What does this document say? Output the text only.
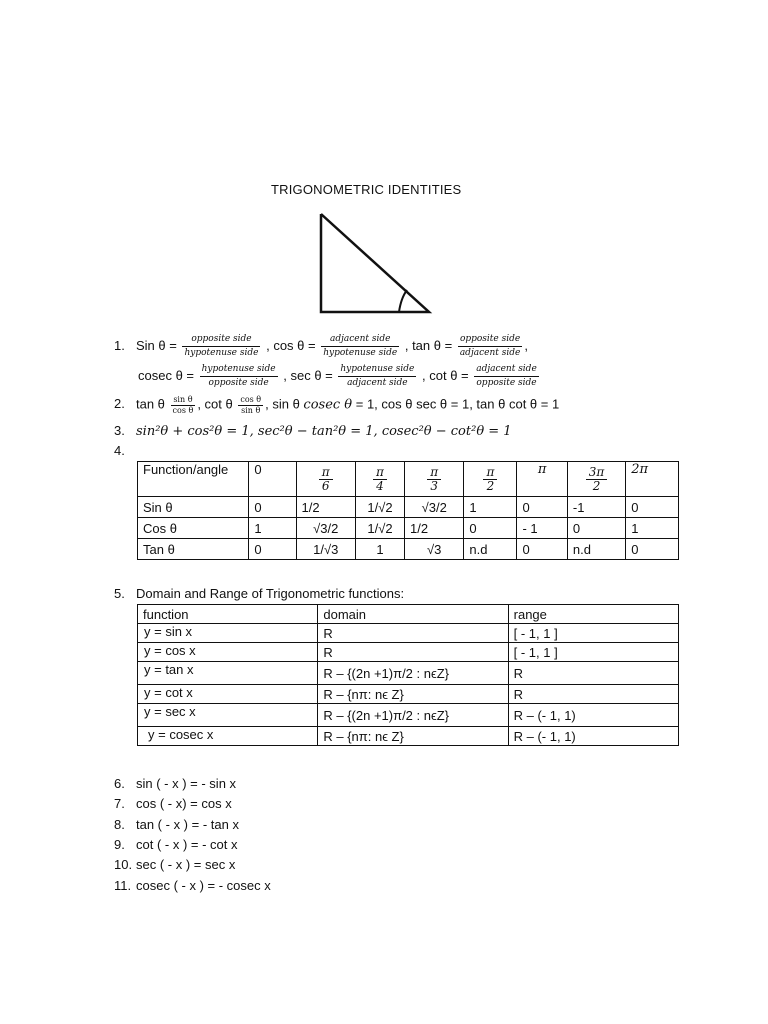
TRIGONOMETRIC IDENTITIES
1. Sin $\theta = \frac{\text{opposite side}}{\text{hypotenuse side}}$ , $\cos \theta = \frac{\text{adjacent side}}{\text{hypotenuse side}}$ , $\tan \theta = \frac{\text{opposite side}}{\text{adjacent side}}$ ,
cosec $\theta = \frac{\text{hypotenuse side}}{\text{opposite side}}$ , $\sec \theta = \frac{\text{hypotenuse side}}{\text{adjacent side}}$ , $\cot \theta = \frac{\text{adjacent side}}{\text{opposite side}}$
2. tan θ $\frac{\text{sin θ}}{\text{cos θ}}$ , cot θ $\frac{\text{cos θ}}{\text{sin θ}}$ , sin θ cosec θ = 1, cos θ sec θ = 1, tan θ cot θ = 1
3. sin²θ + cos²θ = 1, sec²θ − tan²θ = 1, cosec²θ − cot²θ = 1
4.
Function/angle	0	$\frac{\pi}{6}$	$\frac{\pi}{4}$	$\frac{\pi}{3}$	$\frac{\pi}{2}$	π	$\frac{3\pi}{2}$	2π
Sin θ	0	1/2	1/√2	√3/2	1	0	-1	0
Cos θ	1	√3/2	1/√2	1/2	0	- 1	0	1
Tan θ	0	1/√3	1	√3	n.d	0	n.d	0
5. Domain and Range of Trigonometric functions:
function	domain	range
y = sin x	R	[ - 1, 1 ]
y = cos x	R	[ - 1, 1 ]
y = tan x	R – {(2n +1)π/2 : nϵZ}	R
y = cot x	R – {nπ: nϵ Z}	R
y = sec x	R – {(2n +1)π/2 : nϵZ}	R – (- 1, 1)
y = cosec x	R – {nπ: nϵ Z}	R – (- 1, 1)
6. sin ( - x ) = - sin x
7. cos ( - x) = cos x
8. tan ( - x ) = - tan x
9. cot ( - x ) = - cot x
10. sec ( - x ) = sec x
11. cosec ( - x ) = - cosec x
